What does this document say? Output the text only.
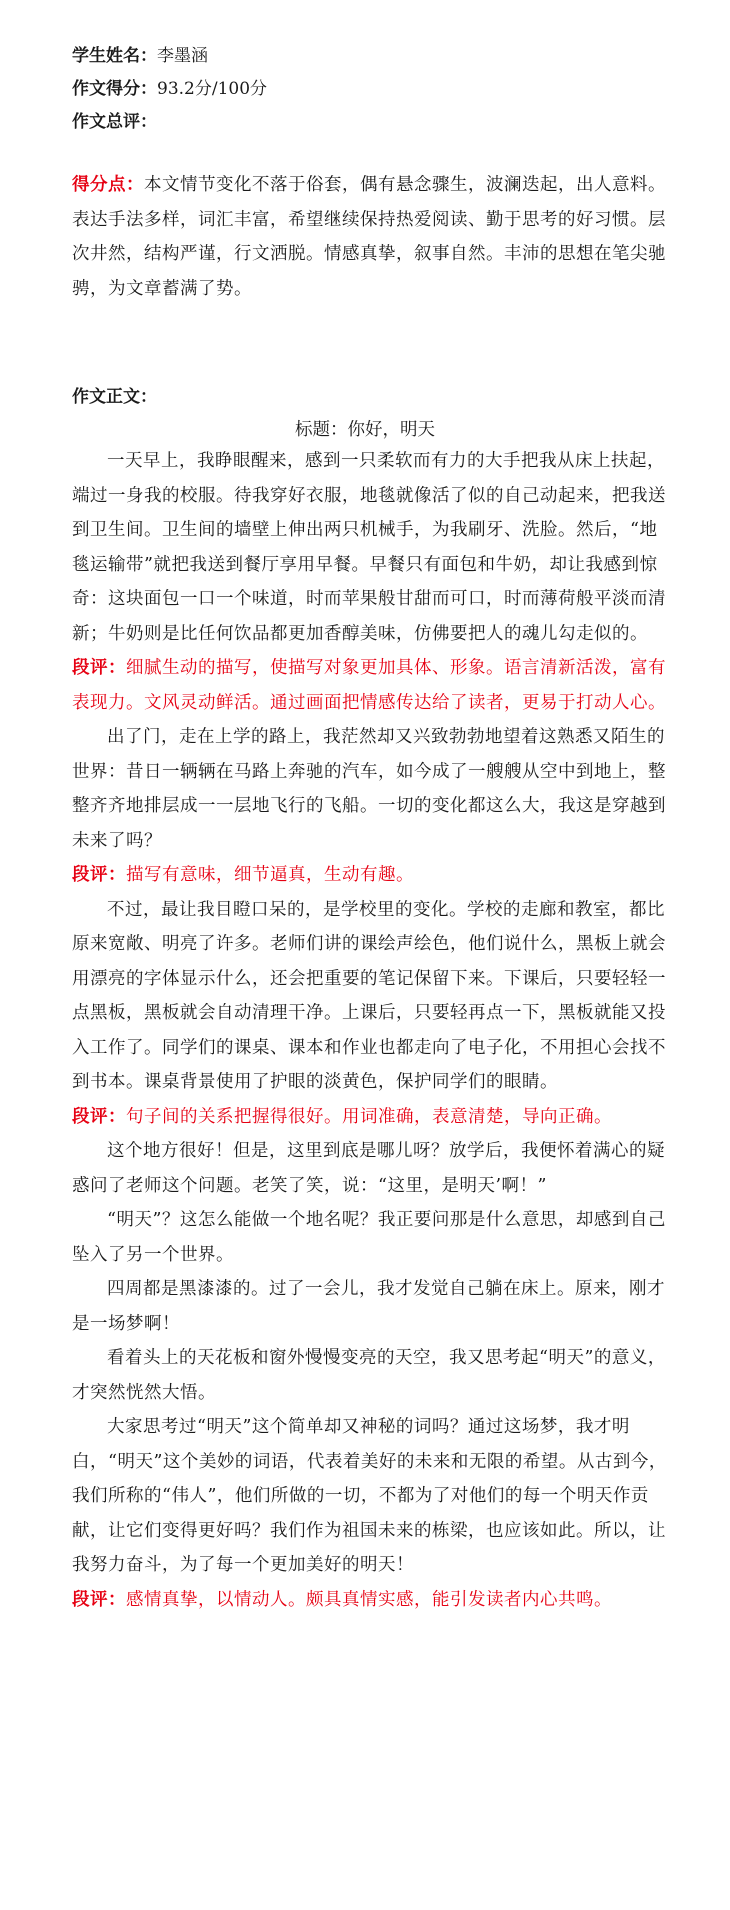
学生姓名：李墨涵
作文得分：93.2分/100分
作文总评：

得分点：本文情节变化不落于俗套，偶有悬念骤生，波澜迭起，出人意料。表达手法多样，词汇丰富，希望继续保持热爱阅读、勤于思考的好习惯。层次井然，结构严谨，行文洒脱。情感真挚，叙事自然。丰沛的思想在笔尖驰骋，为文章蓄满了势。

作文正文：
标题：你好，明天

一天早上，我睁眼醒来，感到一只柔软而有力的大手把我从床上扶起，端过一身我的校服。待我穿好衣服，地毯就像活了似的自己动起来，把我送到卫生间。卫生间的墙壁上伸出两只机械手，为我刷牙、洗脸。然后，“地毯运输带”就把我送到餐厅享用早餐。早餐只有面包和牛奶，却让我感到惊奇：这块面包一口一个味道，时而苹果般甘甜而可口，时而薄荷般平淡而清新；牛奶则是比任何饮品都更加香醇美味，仿佛要把人的魂儿勾走似的。

段评：细腻生动的描写，使描写对象更加具体、形象。语言清新活泼，富有表现力。文风灵动鲜活。通过画面把情感传达给了读者，更易于打动人心。

出了门，走在上学的路上，我茫然却又兴致勃勃地望着这熟悉又陌生的世界：昔日一辆辆在马路上奔驰的汽车，如今成了一艘艘从空中到地上，整整齐齐地排层成一一层地飞行的飞船。一切的变化都这么大，我这是穿越到未来了吗？

段评：描写有意味，细节逼真，生动有趣。

不过，最让我目瞪口呆的，是学校里的变化。学校的走廊和教室，都比原来宽敞、明亮了许多。老师们讲的课绘声绘色，他们说什么，黑板上就会用漂亮的字体显示什么，还会把重要的笔记保留下来。下课后，只要轻轻一点黑板，黑板就会自动清理干净。上课后，只要轻再点一下，黑板就能又投入工作了。同学们的课桌、课本和作业也都走向了电子化，不用担心会找不到书本。课桌背景使用了护眼的淡黄色，保护同学们的眼睛。

段评：句子间的关系把握得很好。用词准确，表意清楚，导向正确。

这个地方很好！但是，这里到底是哪儿呀？放学后，我便怀着满心的疑惑问了老师这个问题。老笑了笑，说：“这里，是明天’啊！”

“明天”？这怎么能做一个地名呢？我正要问那是什么意思，却感到自己坠入了另一个世界。

四周都是黑漆漆的。过了一会儿，我才发觉自己躺在床上。原来，刚才是一场梦啊！

看着头上的天花板和窗外慢慢变亮的天空，我又思考起“明天”的意义，才突然恍然大悟。

大家思考过“明天”这个简单却又神秘的词吗？通过这场梦，我才明白，“明天”这个美妙的词语，代表着美好的未来和无限的希望。从古到今，我们所称的“伟人”，他们所做的一切，不都为了对他们的每一个明天作贡献，让它们变得更好吗？我们作为祖国未来的栋梁，也应该如此。所以，让我努力奋斗，为了每一个更加美好的明天！

段评：感情真挚，以情动人。颇具真情实感，能引发读者内心共鸣。
